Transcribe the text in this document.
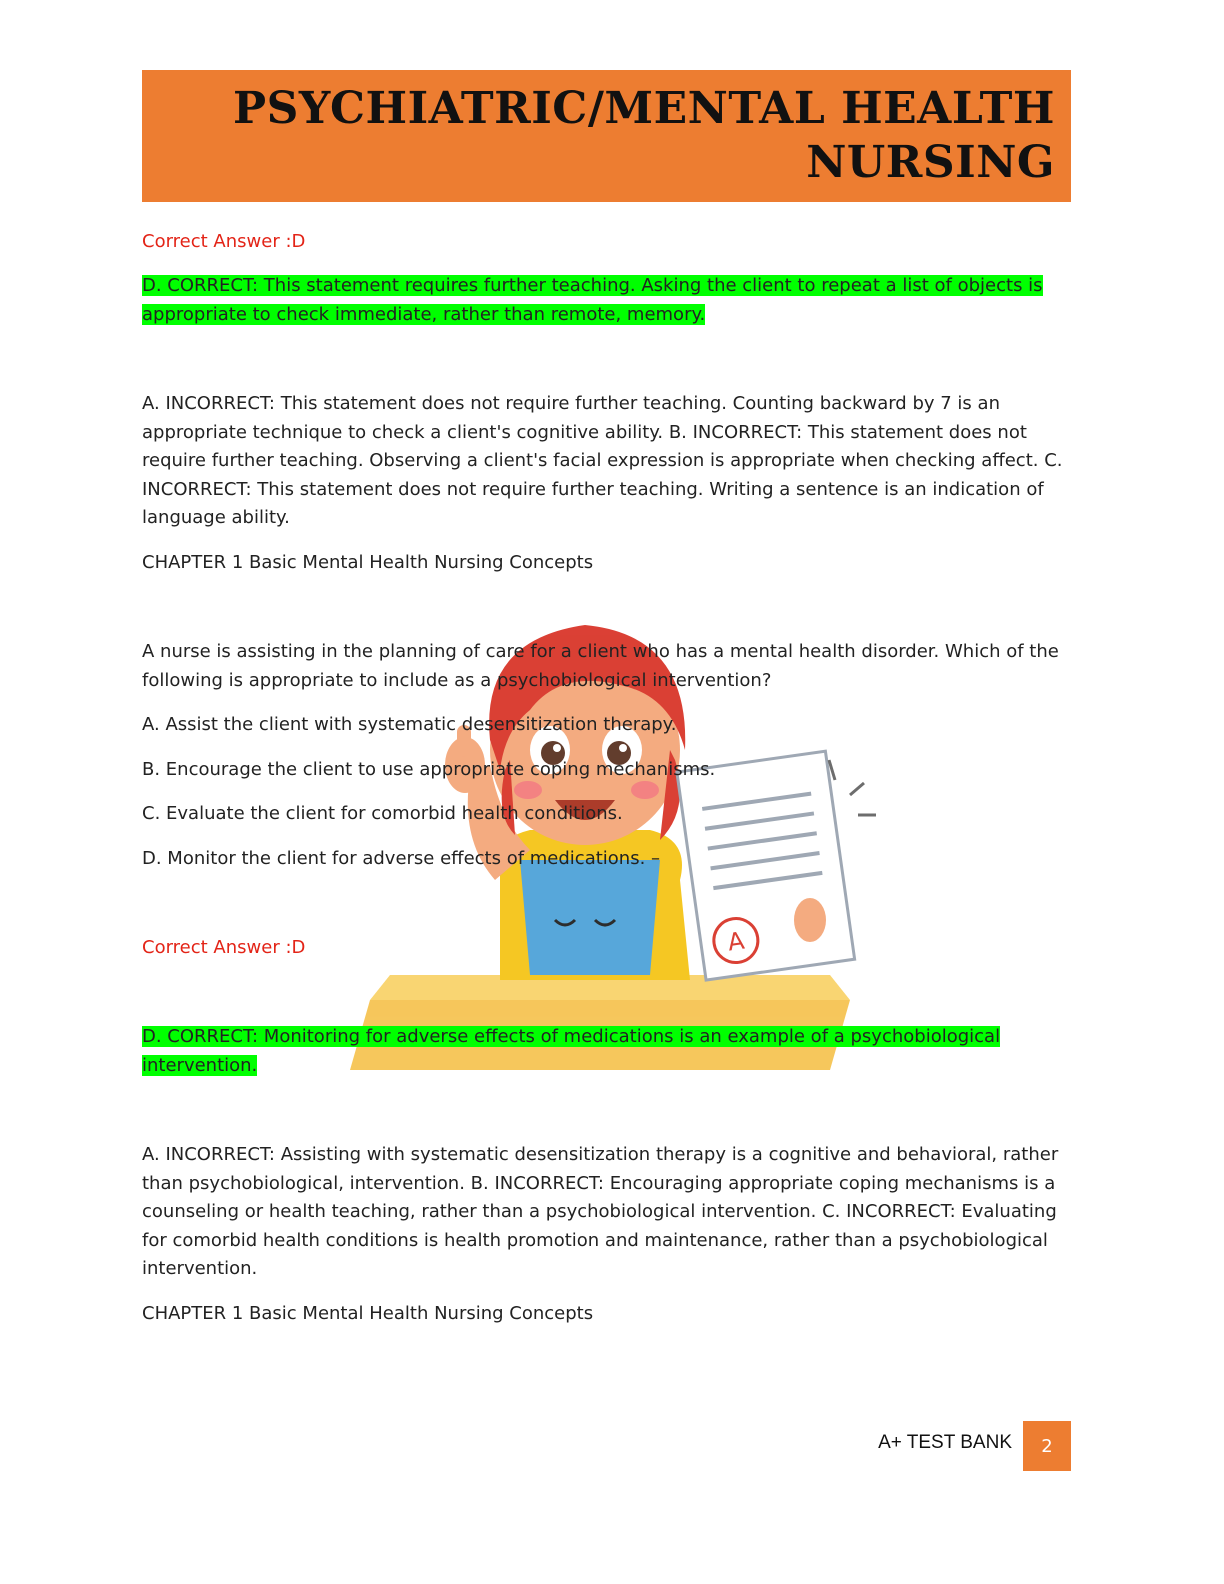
PSYCHIATRIC/MENTAL HEALTH
NURSING
A
Correct Answer :D
D. CORRECT: This statement requires further teaching. Asking the client to repeat a list of objects is appropriate to check immediate, rather than remote, memory.
A. INCORRECT: This statement does not require further teaching. Counting backward by 7 is an appropriate technique to check a client's cognitive ability. B. INCORRECT: This statement does not require further teaching. Observing a client's facial expression is appropriate when checking affect. C. INCORRECT: This statement does not require further teaching. Writing a sentence is an indication of language ability.
CHAPTER 1 Basic Mental Health Nursing Concepts
A nurse is assisting in the planning of care for a client who has a mental health disorder. Which of the following is appropriate to include as a psychobiological intervention?
A. Assist the client with systematic desensitization therapy.
B. Encourage the client to use appropriate coping mechanisms.
C. Evaluate the client for comorbid health conditions.
D. Monitor the client for adverse effects of medications. –
Correct Answer :D
D. CORRECT: Monitoring for adverse effects of medications is an example of a psychobiological intervention.
A. INCORRECT: Assisting with systematic desensitization therapy is a cognitive and behavioral, rather than psychobiological, intervention. B. INCORRECT: Encouraging appropriate coping mechanisms is a counseling or health teaching, rather than a psychobiological intervention. C. INCORRECT: Evaluating for comorbid health conditions is health promotion and maintenance, rather than a psychobiological intervention.
CHAPTER 1 Basic Mental Health Nursing Concepts
A+ TEST BANK	2
